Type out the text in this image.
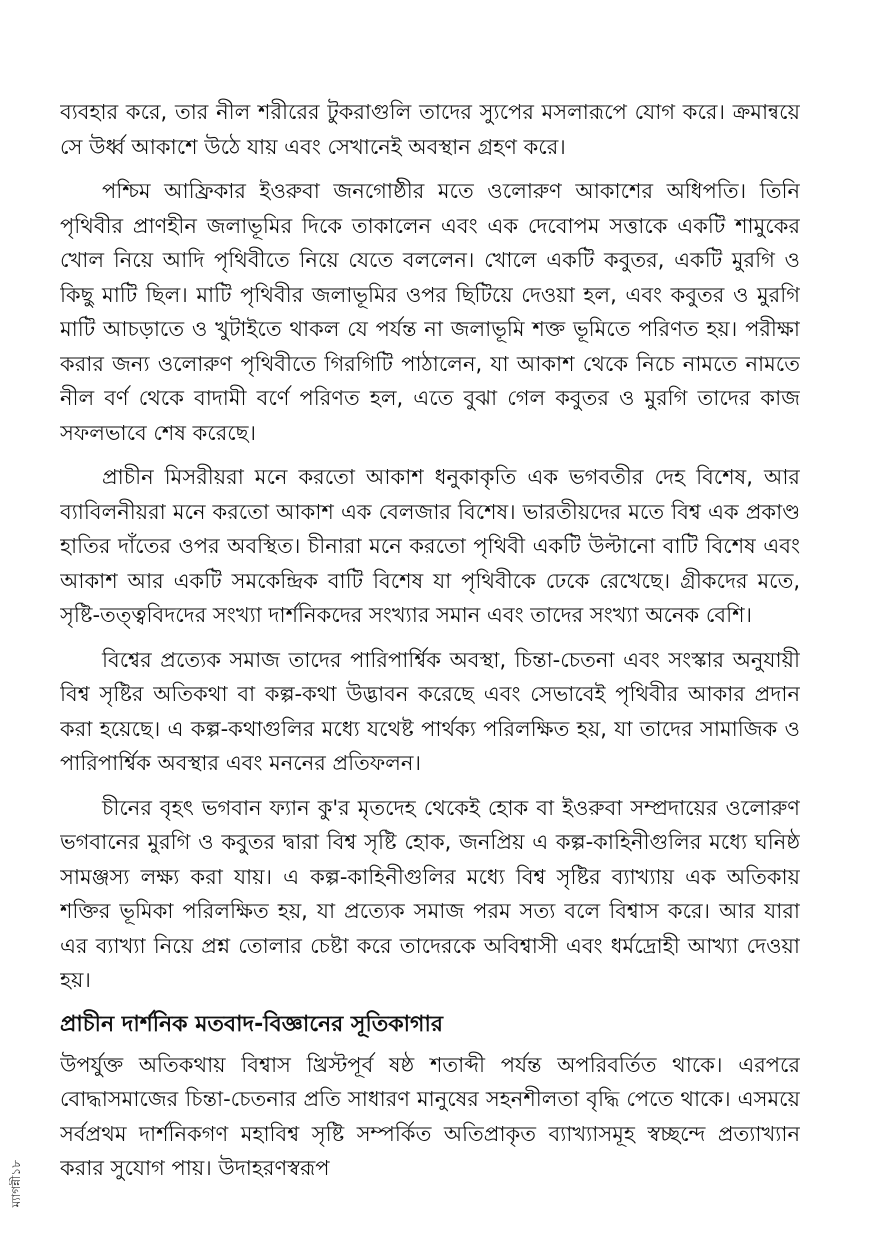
ব্যবহার করে, তার নীল শরীরের টুকরাগুলি তাদের স্যুপের মসলারূপে যোগ করে। ক্রমান্বয়ে সে উর্ধ্ব আকাশে উঠে যায় এবং সেখানেই অবস্থান গ্রহণ করে।

পশ্চিম আফ্রিকার ইওরুবা জনগোষ্ঠীর মতে ওলোরুণ আকাশের অধিপতি। তিনি পৃথিবীর প্রাণহীন জলাভূমির দিকে তাকালেন এবং এক দেবোপম সত্তাকে একটি শামুকের খোল নিয়ে আদি পৃথিবীতে নিয়ে যেতে বললেন। খোলে একটি কবুতর, একটি মুরগি ও কিছু মাটি ছিল। মাটি পৃথিবীর জলাভূমির ওপর ছিটিয়ে দেওয়া হল, এবং কবুতর ও মুরগি মাটি আচড়াতে ও খুটাইতে থাকল যে পর্যন্ত না জলাভূমি শক্ত ভূমিতে পরিণত হয়। পরীক্ষা করার জন্য ওলোরুণ পৃথিবীতে গিরগিটি পাঠালেন, যা আকাশ থেকে নিচে নামতে নামতে নীল বর্ণ থেকে বাদামী বর্ণে পরিণত হল, এতে বুঝা গেল কবুতর ও মুরগি তাদের কাজ সফলভাবে শেষ করেছে।

প্রাচীন মিসরীয়রা মনে করতো আকাশ ধনুকাকৃতি এক ভগবতীর দেহ বিশেষ, আর ব্যাবিলনীয়রা মনে করতো আকাশ এক বেলজার বিশেষ। ভারতীয়দের মতে বিশ্ব এক প্রকাণ্ড হাতির দাঁতের ওপর অবস্থিত। চীনারা মনে করতো পৃথিবী একটি উল্টানো বাটি বিশেষ এবং আকাশ আর একটি সমকেন্দ্রিক বাটি বিশেষ যা পৃথিবীকে ঢেকে রেখেছে। গ্রীকদের মতে, সৃষ্টি-তত্ত্ববিদদের সংখ্যা দার্শনিকদের সংখ্যার সমান এবং তাদের সংখ্যা অনেক বেশি।

বিশ্বের প্রত্যেক সমাজ তাদের পারিপার্শ্বিক অবস্থা, চিন্তা-চেতনা এবং সংস্কার অনুযায়ী বিশ্ব সৃষ্টির অতিকথা বা কল্প-কথা উদ্ভাবন করেছে এবং সেভাবেই পৃথিবীর আকার প্রদান করা হয়েছে। এ কল্প-কথাগুলির মধ্যে যথেষ্ট পার্থক্য পরিলক্ষিত হয়, যা তাদের সামাজিক ও পারিপার্শ্বিক অবস্থার এবং মননের প্রতিফলন।

চীনের বৃহৎ ভগবান ফ্যান কু'র মৃতদেহ থেকেই হোক বা ইওরুবা সম্প্রদায়ের ওলোরুণ ভগবানের মুরগি ও কবুতর দ্বারা বিশ্ব সৃষ্টি হোক, জনপ্রিয় এ কল্প-কাহিনীগুলির মধ্যে ঘনিষ্ঠ সামঞ্জস্য লক্ষ্য করা যায়। এ কল্প-কাহিনীগুলির মধ্যে বিশ্ব সৃষ্টির ব্যাখ্যায় এক অতিকায় শক্তির ভূমিকা পরিলক্ষিত হয়, যা প্রত্যেক সমাজ পরম সত্য বলে বিশ্বাস করে। আর যারা এর ব্যাখ্যা নিয়ে প্রশ্ন তোলার চেষ্টা করে তাদেরকে অবিশ্বাসী এবং ধর্মদ্রোহী আখ্যা দেওয়া হয়।

প্রাচীন দার্শনিক মতবাদ-বিজ্ঞানের সূতিকাগার

উপর্যুক্ত অতিকথায় বিশ্বাস খ্রিস্টপূর্ব ষষ্ঠ শতাব্দী পর্যন্ত অপরিবর্তিত থাকে। এরপরে বোদ্ধাসমাজের চিন্তা-চেতনার প্রতি সাধারণ মানুষের সহনশীলতা বৃদ্ধি পেতে থাকে। এসময়ে সর্বপ্রথম দার্শনিকগণ মহাবিশ্ব সৃষ্টি সম্পর্কিত অতিপ্রাকৃত ব্যাখ্যাসমূহ স্বচ্ছন্দে প্রত্যাখ্যান করার সুযোগ পায়। উদাহরণস্বরূপ

ম্যাগন্নী১৮
